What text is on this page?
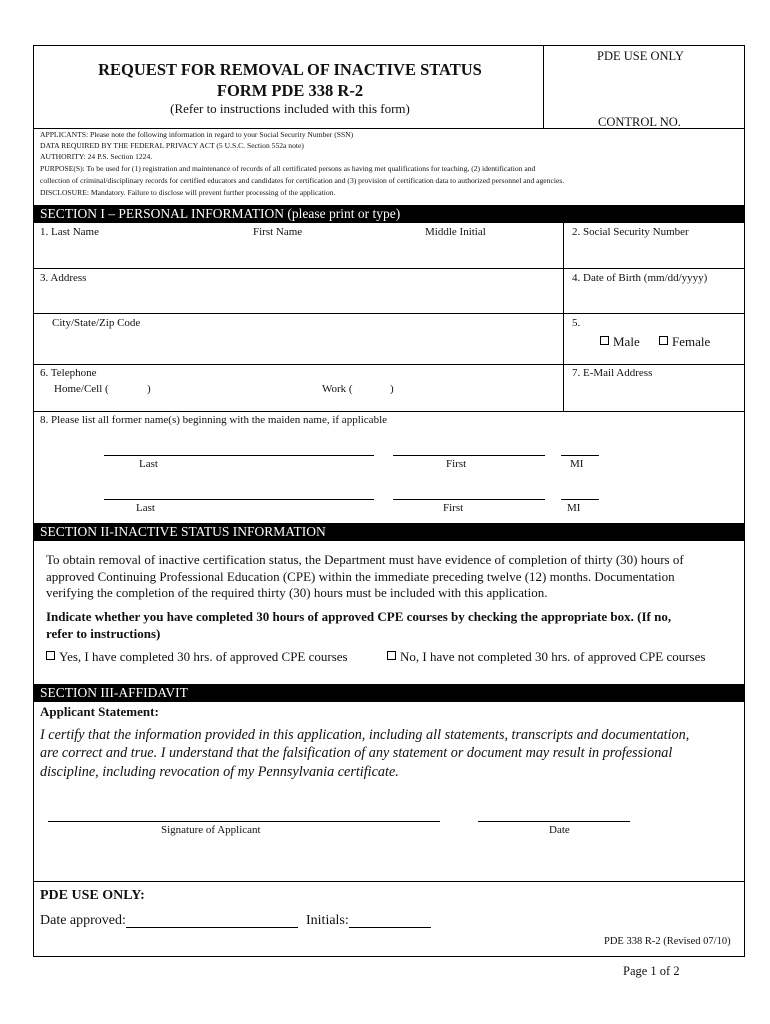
REQUEST FOR REMOVAL OF INACTIVE STATUS
FORM PDE 338 R-2
(Refer to instructions included with this form)
PDE USE ONLY
CONTROL NO.
APPLICANTS: Please note the following information in regard to your Social Security Number (SSN)
DATA REQUIRED BY THE FEDERAL PRIVACY ACT (5 U.S.C. Section 552a note)
AUTHORITY: 24 P.S. Section 1224.
PURPOSE(S): To be used for (1) registration and maintenance of records of all certificated persons as having met qualifications for teaching, (2) identification and
collection of criminal/disciplinary records for certified educators and candidates for certification and (3) provision of certification data to authorized personnel and agencies.
DISCLOSURE: Mandatory. Failure to disclose will prevent further processing of the application.
SECTION I – PERSONAL INFORMATION (please print or type)
1. Last Name	First Name	Middle Initial	2. Social Security Number
3. Address	4. Date of Birth (mm/dd/yyyy)
City/State/Zip Code	5.
Male	Female
6. Telephone
Home/Cell (	)	Work (	)
7. E-Mail Address
8. Please list all former name(s) beginning with the maiden name, if applicable
Last	First	MI
Last	First	MI
SECTION II-INACTIVE STATUS INFORMATION
To obtain removal of inactive certification status, the Department must have evidence of completion of thirty (30) hours of
approved Continuing Professional Education (CPE) within the immediate preceding twelve (12) months. Documentation
verifying the completion of the required thirty (30) hours must be included with this application.
Indicate whether you have completed 30 hours of approved CPE courses by checking the appropriate box. (If no,
refer to instructions)
Yes, I have completed 30 hrs. of approved CPE courses	No, I have not completed 30 hrs. of approved CPE courses
SECTION III-AFFIDAVIT
Applicant Statement:
I certify that the information provided in this application, including all statements, transcripts and documentation,
are correct and true. I understand that the falsification of any statement or document may result in professional
discipline, including revocation of my Pennsylvania certificate.
Signature of Applicant	Date
PDE USE ONLY:
Date approved:	Initials:
PDE 338 R-2 (Revised 07/10)
Page 1 of 2
